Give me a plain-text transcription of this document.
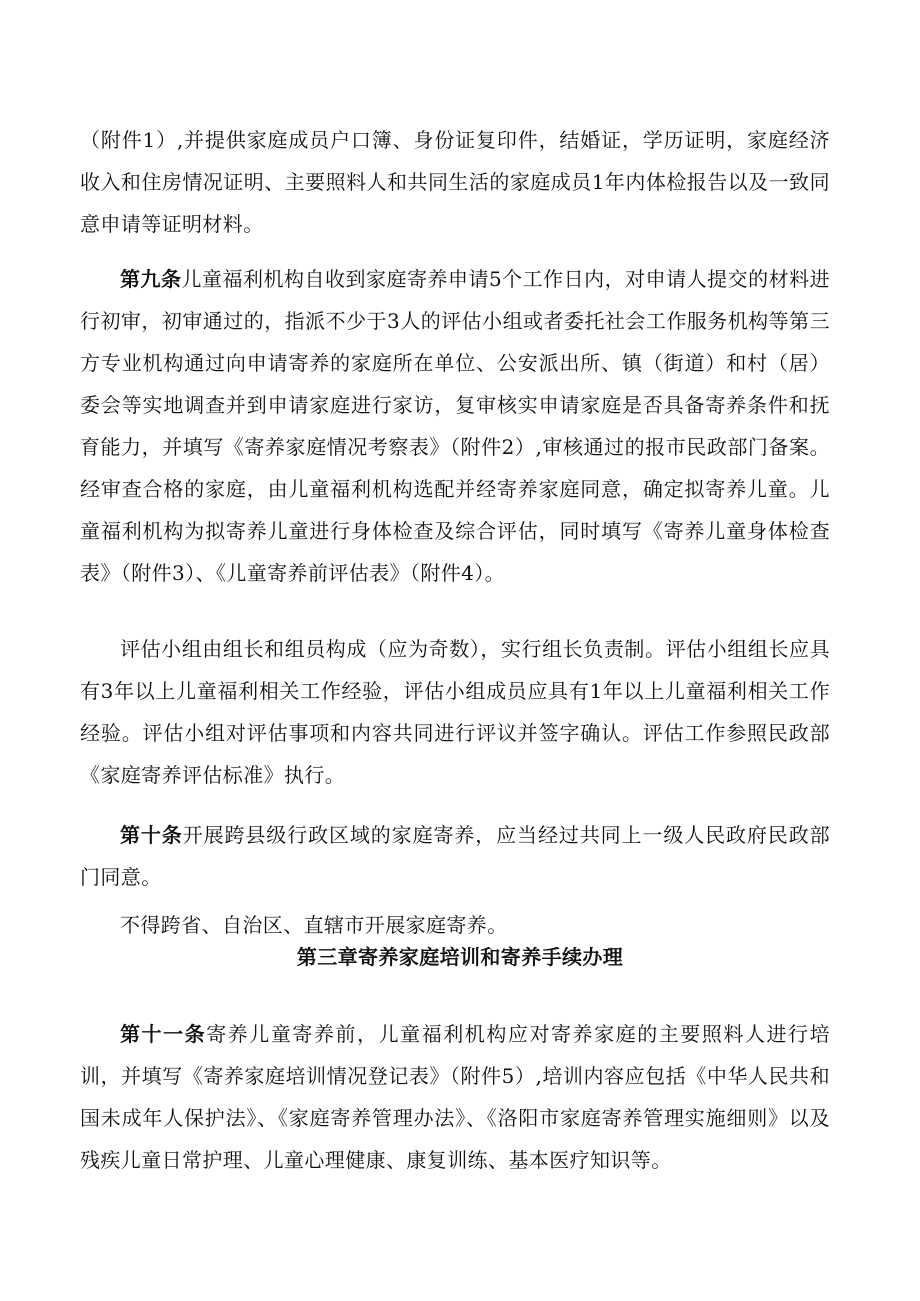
（附件1）,并提供家庭成员户口簿、身份证复印件，结婚证，学历证明，家庭经济收入和住房情况证明、主要照料人和共同生活的家庭成员1年内体检报告以及一致同意申请等证明材料。

第九条儿童福利机构自收到家庭寄养申请5个工作日内，对申请人提交的材料进行初审，初审通过的，指派不少于3人的评估小组或者委托社会工作服务机构等第三方专业机构通过向申请寄养的家庭所在单位、公安派出所、镇（街道）和村（居）委会等实地调查并到申请家庭进行家访，复审核实申请家庭是否具备寄养条件和抚育能力，并填写《寄养家庭情况考察表》（附件2）,审核通过的报市民政部门备案。经审查合格的家庭，由儿童福利机构选配并经寄养家庭同意，确定拟寄养儿童。儿童福利机构为拟寄养儿童进行身体检查及综合评估，同时填写《寄养儿童身体检查表》（附件3）、《儿童寄养前评估表》（附件4）。

评估小组由组长和组员构成（应为奇数），实行组长负责制。评估小组组长应具有3年以上儿童福利相关工作经验，评估小组成员应具有1年以上儿童福利相关工作经验。评估小组对评估事项和内容共同进行评议并签字确认。评估工作参照民政部《家庭寄养评估标准》执行。

第十条开展跨县级行政区域的家庭寄养，应当经过共同上一级人民政府民政部门同意。

不得跨省、自治区、直辖市开展家庭寄养。

第三章寄养家庭培训和寄养手续办理

第十一条寄养儿童寄养前，儿童福利机构应对寄养家庭的主要照料人进行培训，并填写《寄养家庭培训情况登记表》（附件5）,培训内容应包括《中华人民共和国未成年人保护法》、《家庭寄养管理办法》、《洛阳市家庭寄养管理实施细则》以及残疾儿童日常护理、儿童心理健康、康复训练、基本医疗知识等。
